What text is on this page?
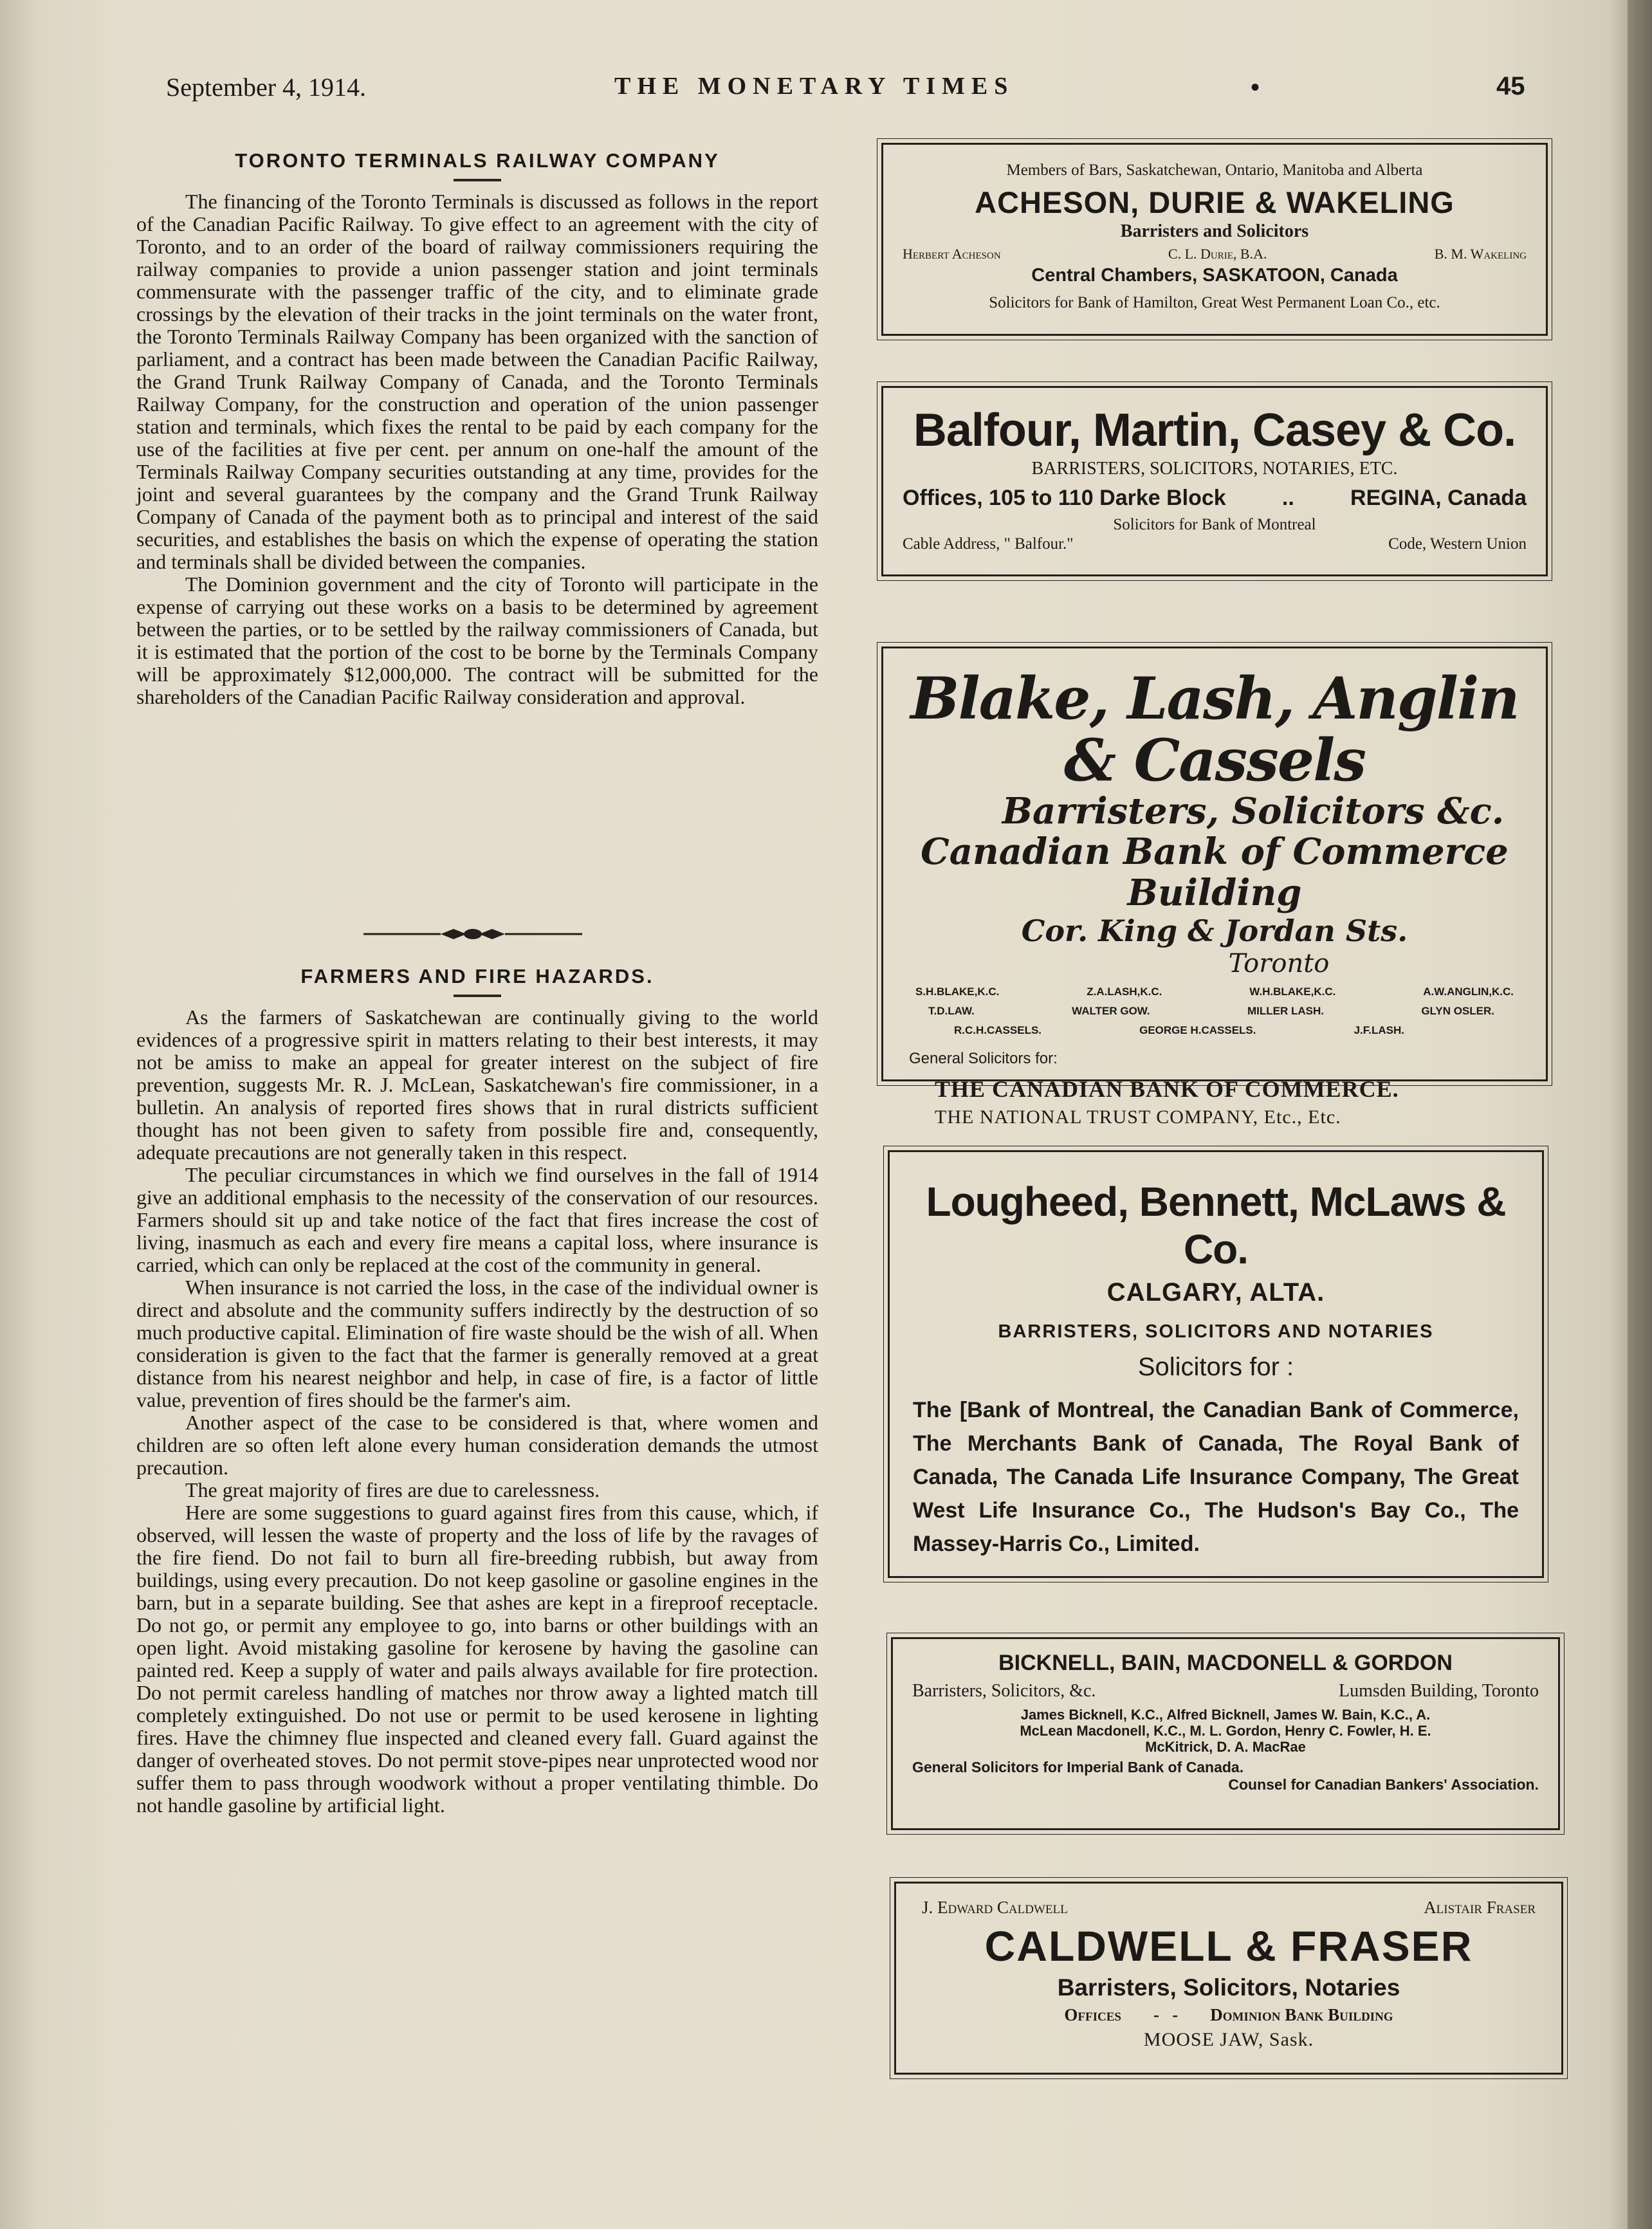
September 4, 1914.	THE MONETARY TIMES	•	45
TORONTO TERMINALS RAILWAY COMPANY

The financing of the Toronto Terminals is discussed as follows in the report of the Canadian Pacific Railway. To give effect to an agreement with the city of Toronto, and to an order of the board of railway commissioners requiring the railway companies to provide a union passenger station and joint terminals commensurate with the passenger traffic of the city, and to eliminate grade crossings by the elevation of their tracks in the joint terminals on the water front, the Toronto Terminals Railway Company has been organized with the sanction of parliament, and a contract has been made between the Canadian Pacific Railway, the Grand Trunk Railway Company of Canada, and the Toronto Terminals Railway Company, for the construction and operation of the union passenger station and terminals, which fixes the rental to be paid by each company for the use of the facilities at five per cent. per annum on one-half the amount of the Terminals Railway Company securities outstanding at any time, provides for the joint and several guarantees by the company and the Grand Trunk Railway Company of Canada of the payment both as to principal and interest of the said securities, and establishes the basis on which the expense of operating the station and terminals shall be divided between the companies.

The Dominion government and the city of Toronto will participate in the expense of carrying out these works on a basis to be determined by agreement between the parties, or to be settled by the railway commissioners of Canada, but it is estimated that the portion of the cost to be borne by the Terminals Company will be approximately $12,000,000. The contract will be submitted for the shareholders of the Canadian Pacific Railway consideration and approval.

FARMERS AND FIRE HAZARDS.

As the farmers of Saskatchewan are continually giving to the world evidences of a progressive spirit in matters relating to their best interests, it may not be amiss to make an appeal for greater interest on the subject of fire prevention, suggests Mr. R. J. McLean, Saskatchewan's fire commissioner, in a bulletin. An analysis of reported fires shows that in rural districts sufficient thought has not been given to safety from possible fire and, consequently, adequate precautions are not generally taken in this respect.

The peculiar circumstances in which we find ourselves in the fall of 1914 give an additional emphasis to the necessity of the conservation of our resources. Farmers should sit up and take notice of the fact that fires increase the cost of living, inasmuch as each and every fire means a capital loss, where insurance is carried, which can only be replaced at the cost of the community in general.

When insurance is not carried the loss, in the case of the individual owner is direct and absolute and the community suffers indirectly by the destruction of so much productive capital. Elimination of fire waste should be the wish of all. When consideration is given to the fact that the farmer is generally removed at a great distance from his nearest neighbor and help, in case of fire, is a factor of little value, prevention of fires should be the farmer's aim.

Another aspect of the case to be considered is that, where women and children are so often left alone every human consideration demands the utmost precaution.

The great majority of fires are due to carelessness.

Here are some suggestions to guard against fires from this cause, which, if observed, will lessen the waste of property and the loss of life by the ravages of the fire fiend. Do not fail to burn all fire-breeding rubbish, but away from buildings, using every precaution. Do not keep gasoline or gasoline engines in the barn, but in a separate building. See that ashes are kept in a fireproof receptacle. Do not go, or permit any employee to go, into barns or other buildings with an open light. Avoid mistaking gasoline for kerosene by having the gasoline can painted red. Keep a supply of water and pails always available for fire protection. Do not permit careless handling of matches nor throw away a lighted match till completely extinguished. Do not use or permit to be used kerosene in lighting fires. Have the chimney flue inspected and cleaned every fall. Guard against the danger of overheated stoves. Do not permit stove-pipes near unprotected wood nor suffer them to pass through woodwork without a proper ventilating thimble. Do not handle gasoline by artificial light.

Members of Bars, Saskatchewan, Ontario, Manitoba and Alberta
ACHESON, DURIE & WAKELING
Barristers and Solicitors
Herbert Acheson	C. L. Durie, B.A.	B. M. Wakeling
Central Chambers, SASKATOON, Canada
Solicitors for Bank of Hamilton, Great West Permanent Loan Co., etc.
Balfour, Martin, Casey & Co.
BARRISTERS, SOLICITORS, NOTARIES, ETC.
Offices, 105 to 110 Darke Block	..	REGINA, Canada
Solicitors for Bank of Montreal
Cable Address, " Balfour."	Code, Western Union
Blake, Lash, Anglin & Cassels
Barristers, Solicitors &c.
Canadian Bank of Commerce Building
Cor. King & Jordan Sts.
Toronto
S.H.BLAKE,K.C.	Z.A.LASH,K.C.	W.H.BLAKE,K.C.	A.W.ANGLIN,K.C.
T.D.LAW.	WALTER GOW.	MILLER LASH.	GLYN OSLER.
R.C.H.CASSELS.	GEORGE H.CASSELS.	J.F.LASH.
General Solicitors for:
THE CANADIAN BANK OF COMMERCE.
THE NATIONAL TRUST COMPANY, Etc., Etc.
Lougheed, Bennett, McLaws & Co.
CALGARY, ALTA.
BARRISTERS, SOLICITORS AND NOTARIES
Solicitors for :
The [Bank of Montreal, the Canadian Bank of Commerce, The Merchants Bank of Canada, The Royal Bank of Canada, The Canada Life Insurance Company, The Great West Life Insurance Co., The Hudson's Bay Co., The Massey-Harris Co., Limited.
BICKNELL, BAIN, MACDONELL & GORDON
Barristers, Solicitors, &c.	Lumsden Building, Toronto
James Bicknell, K.C., Alfred Bicknell, James W. Bain, K.C., A. McLean Macdonell, K.C., M. L. Gordon, Henry C. Fowler, H. E. McKitrick, D. A. MacRae
General Solicitors for Imperial Bank of Canada.
Counsel for Canadian Bankers' Association.
J. Edward Caldwell	Alistair Fraser
CALDWELL & FRASER
Barristers, Solicitors, Notaries
Offices -   - Dominion Bank Building
MOOSE JAW, Sask.
